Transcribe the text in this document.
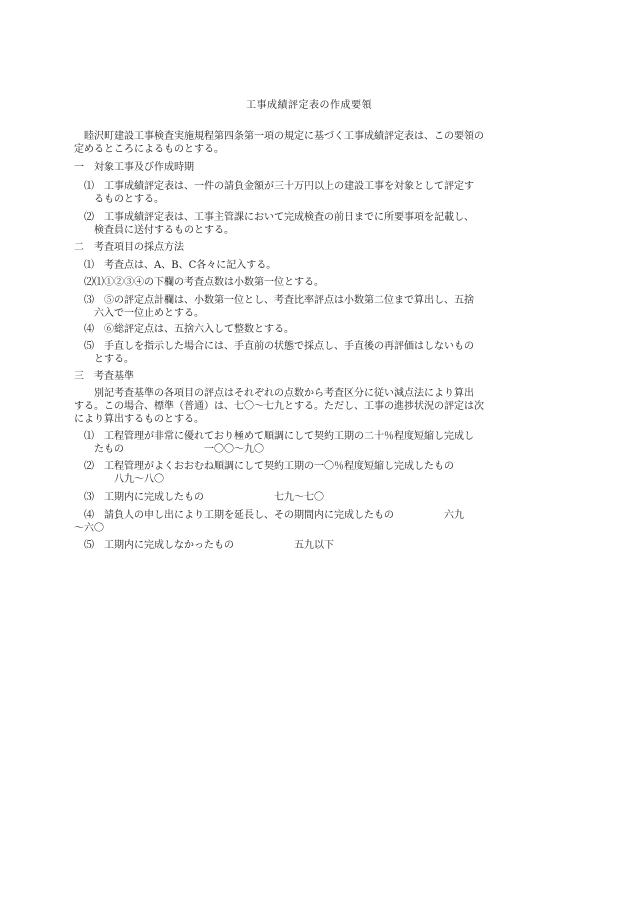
工事成績評定表の作成要領
　睦沢町建設工事検査実施規程第四条第一項の規定に基づく工事成績評定表は、この要領の
定めるところによるものとする。
一　対象工事及び作成時期
　⑴　工事成績評定表は、一件の請負金額が三十万円以上の建設工事を対象として評定す
　　るものとする。
　⑵　工事成績評定表は、工事主管課において完成検査の前日までに所要事項を記載し、
　　検査員に送付するものとする。
二　考査項目の採点方法
　⑴　考査点は、A、B、C各々に記入する。
　⑵⑴①②③④の下欄の考査点数は小数第一位とする。
　⑶　⑤の評定点計欄は、小数第一位とし、考査比率評点は小数第二位まで算出し、五捨
　　六入で一位止めとする。
　⑷　⑥総評定点は、五捨六入して整数とする。
　⑸　手直しを指示した場合には、手直前の状態で採点し、手直後の再評価はしないもの
　　とする。
三　考査基準
　　別記考査基準の各項目の評点はそれぞれの点数から考査区分に従い減点法により算出
する。この場合、標準（普通）は、七〇～七九とする。ただし、工事の進捗状況の評定は次
により算出するものとする。
　⑴　工程管理が非常に優れており極めて順調にして契約工期の二十％程度短縮し完成し
　　たもの　　　　　　　　一〇〇～九〇
　⑵　工程管理がよくおおむね順調にして契約工期の一〇％程度短縮し完成したもの
　　　　八九～八〇
　⑶　工期内に完成したもの　　　　　　　七九～七〇
　⑷　請負人の申し出により工期を延長し、その期間内に完成したもの　　　　　六九
～六〇
　⑸　工期内に完成しなかったもの　　　　　　五九以下
